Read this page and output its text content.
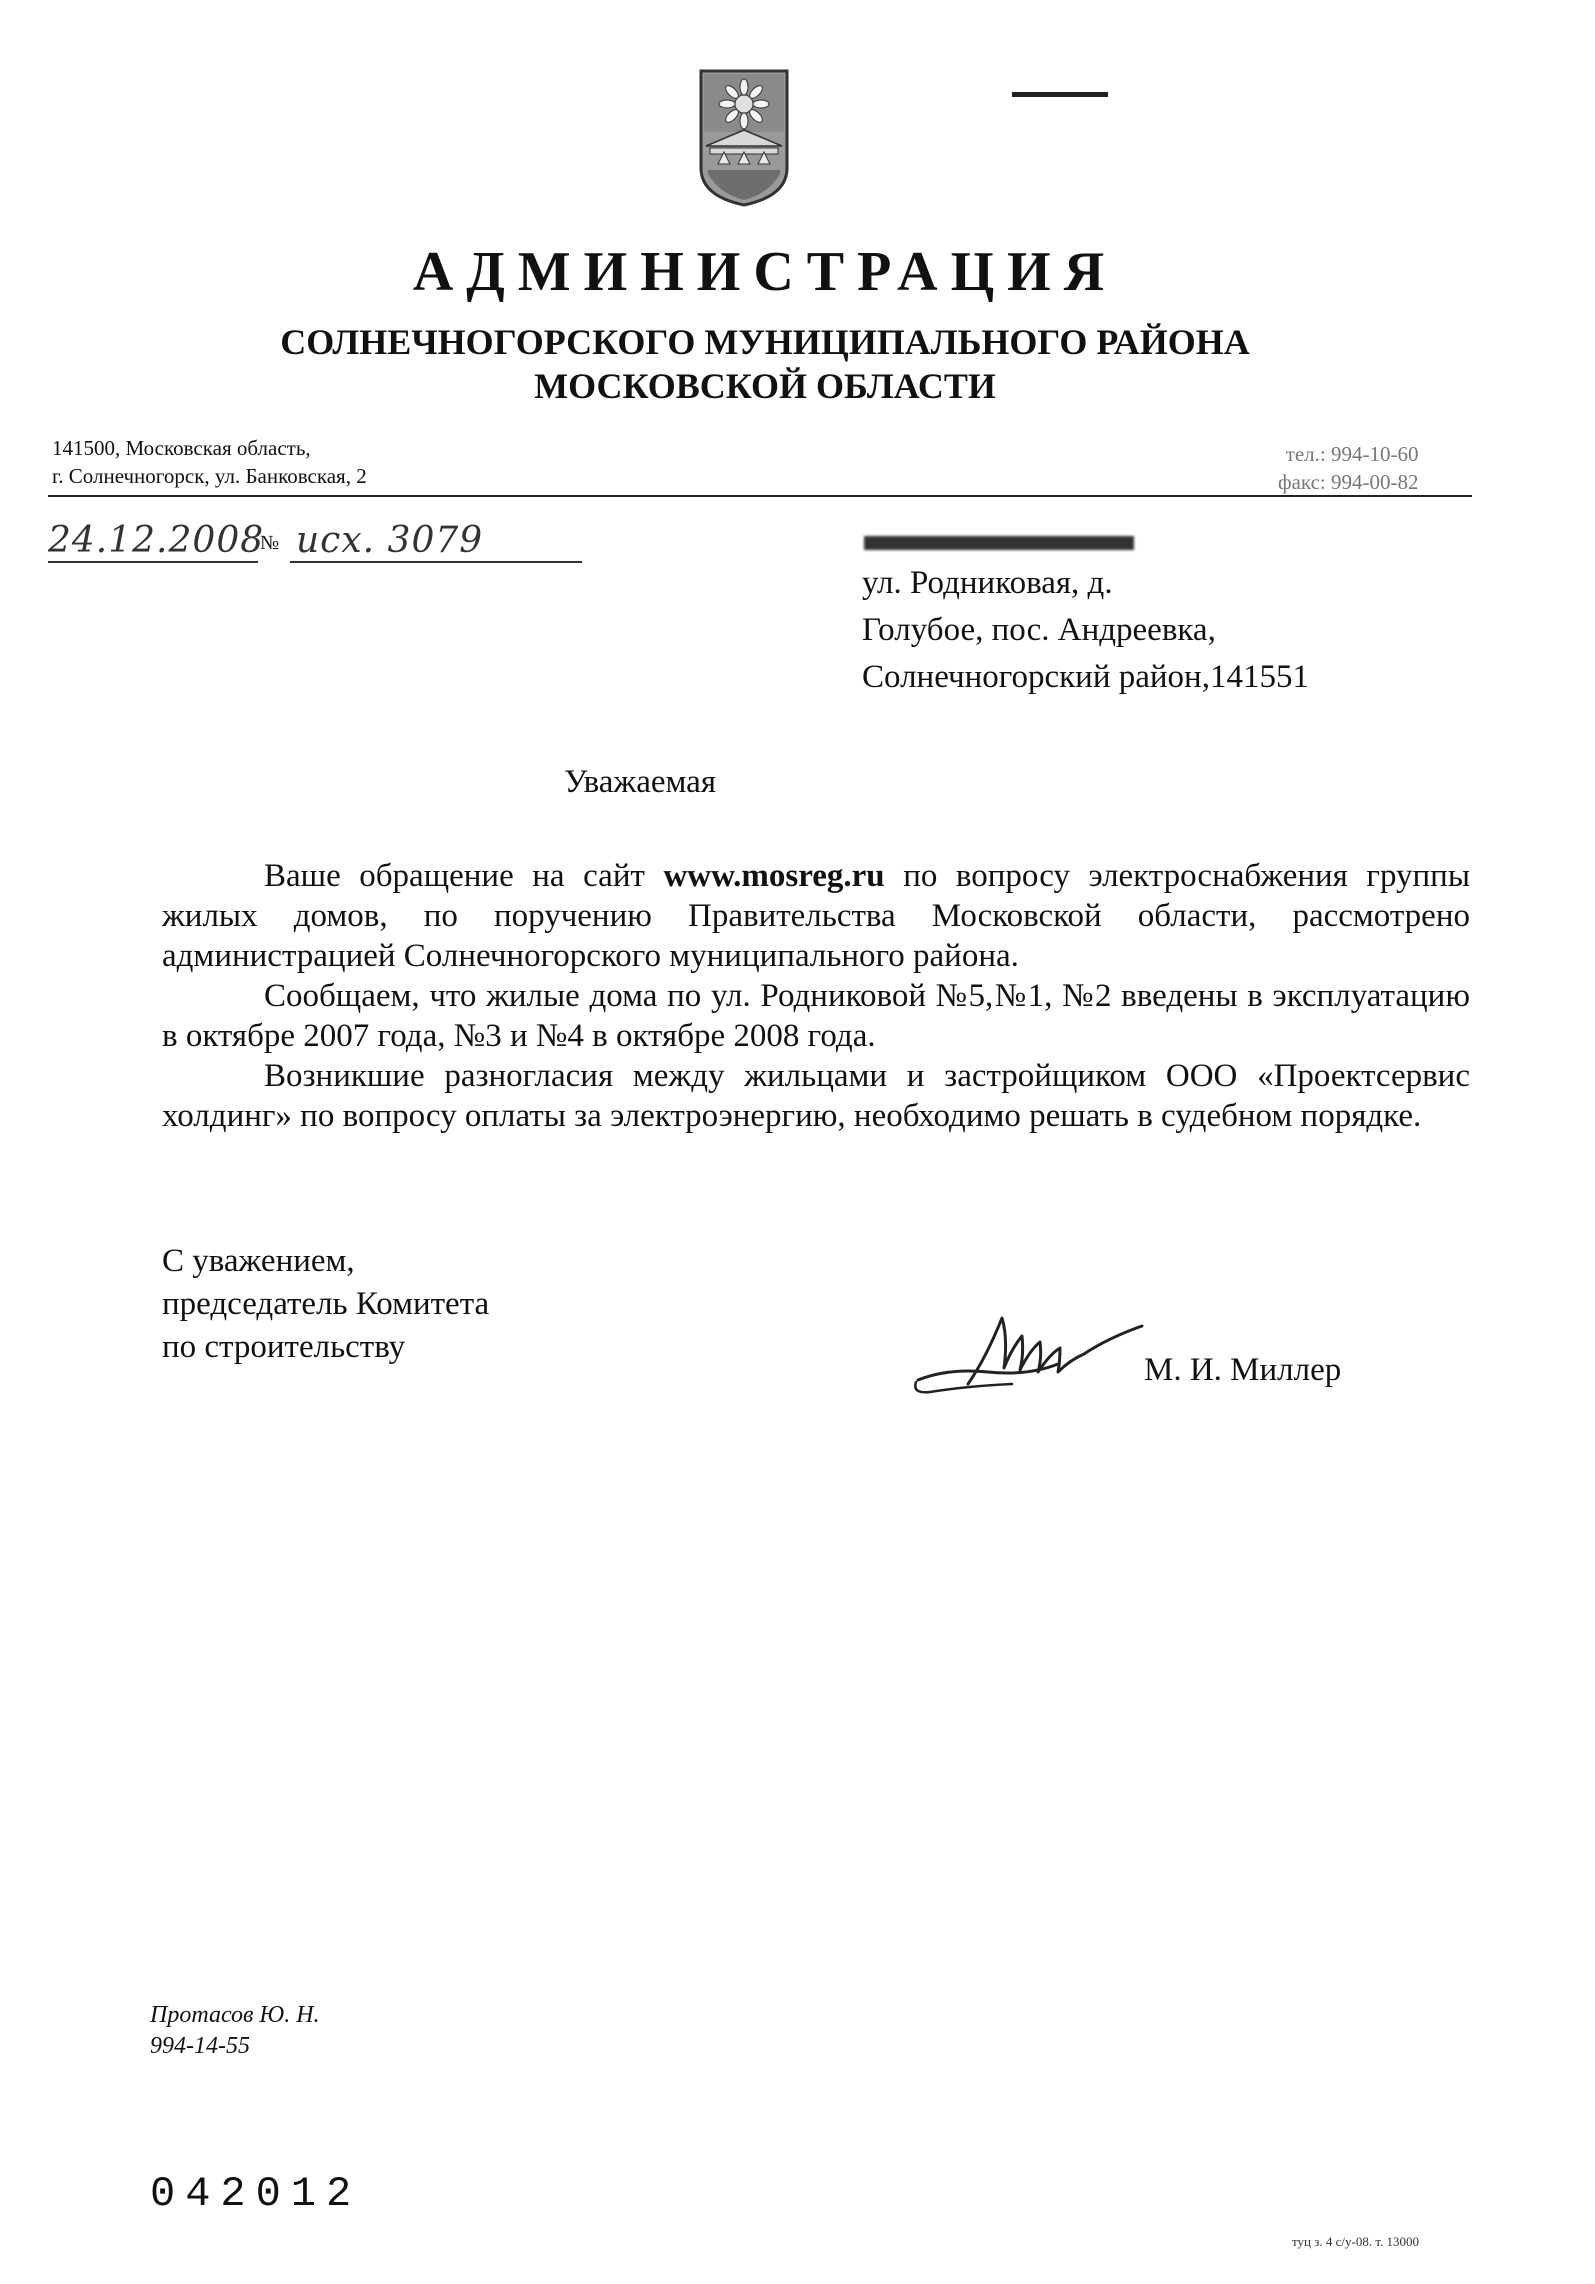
АДМИНИСТРАЦИЯ
СОЛНЕЧНОГОРСКОГО МУНИЦИПАЛЬНОГО РАЙОНА
МОСКОВСКОЙ ОБЛАСТИ
141500, Московская область,
г. Солнечногорск, ул. Банковская, 2
тел.: 994-10-60
факс: 994-00-82
24.12.2008
№ исх. 3079
ул. Родниковая, д.
Голубое, пос. Андреевка,
Солнечногорский район,141551
Уважаемая

Ваше обращение на сайт www.mosreg.ru по вопросу электроснабжения группы жилых домов, по поручению Правительства Московской области, рассмотрено администрацией Солнечногорского муниципального района.

Сообщаем, что жилые дома по ул. Родниковой №5,№1, №2 введены в эксплуатацию в октябре 2007 года, №3 и №4 в октябре 2008 года.

Возникшие разногласия между жильцами и застройщиком ООО «Проектсервис холдинг» по вопросу оплаты за электроэнергию, необходимо решать в судебном порядке.

С уважением,
председатель Комитета
по строительству
М. И. Миллер
Протасов Ю. Н.
994-14-55
042012
туц з. 4 с/у-08. т. 13000
